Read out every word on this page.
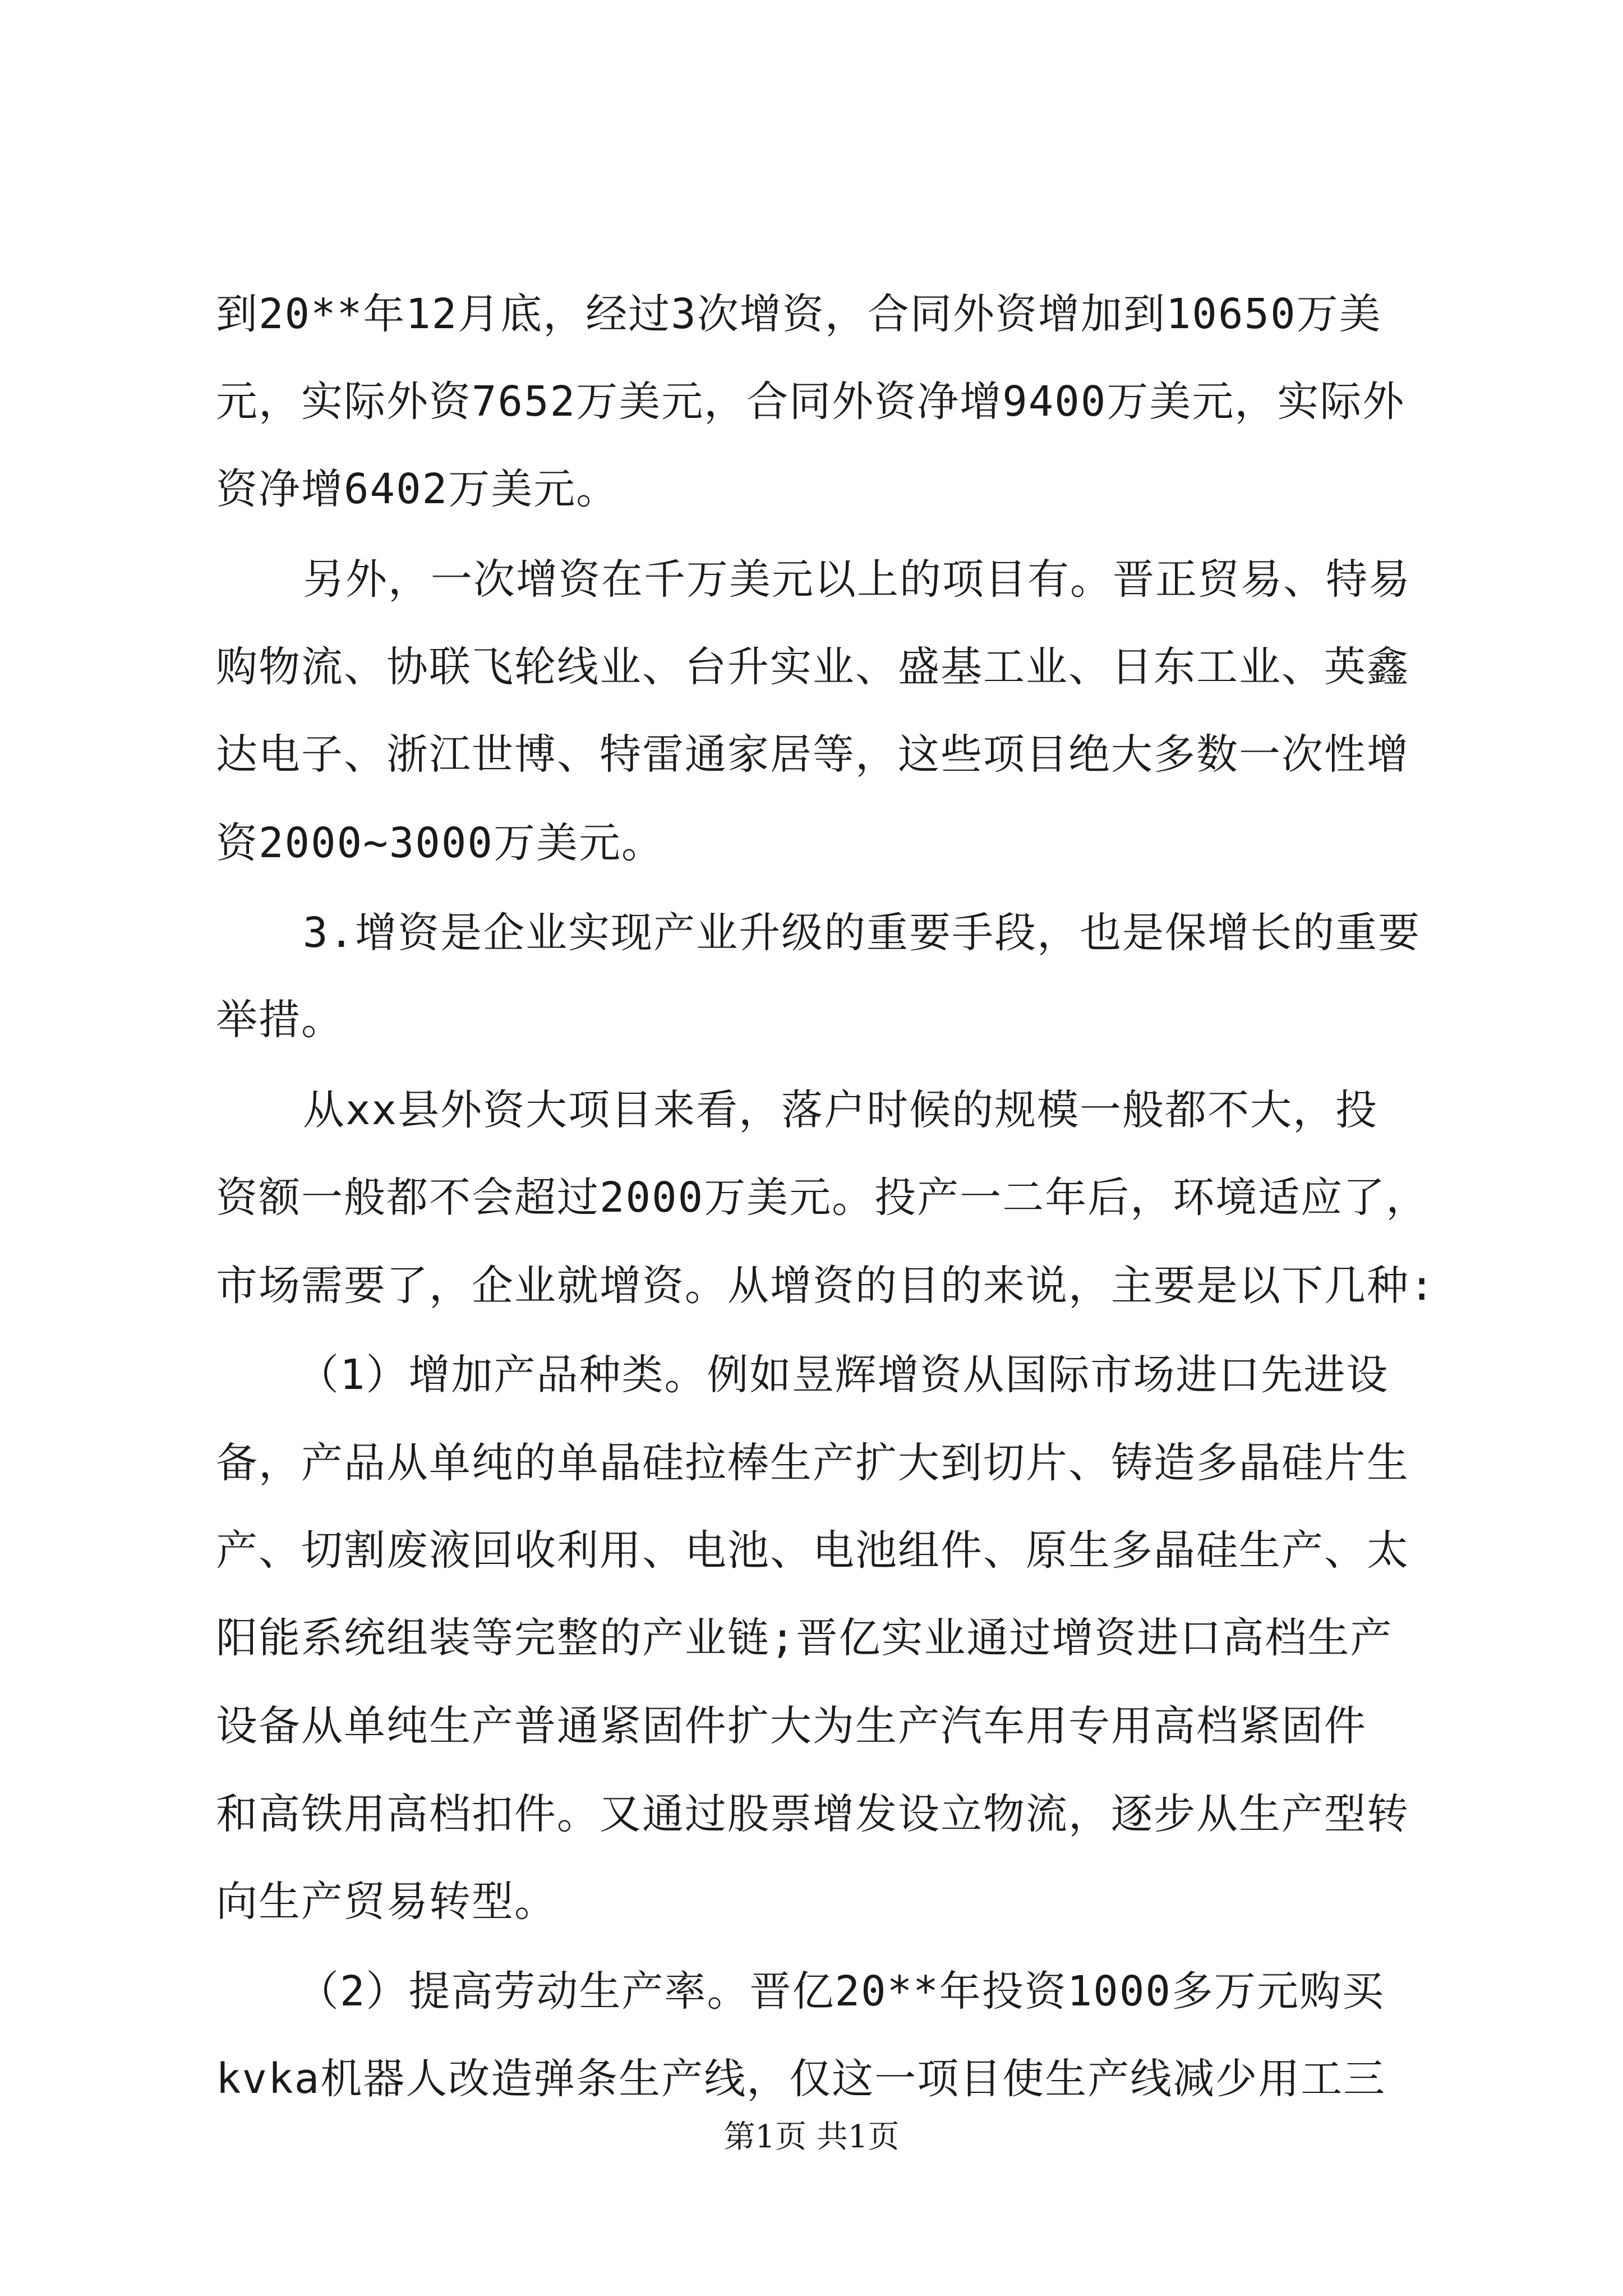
到20**年12月底，经过3次增资，合同外资增加到10650万美
元，实际外资7652万美元，合同外资净增9400万美元，实际外
资净增6402万美元。
另外，一次增资在千万美元以上的项目有。晋正贸易、特易
购物流、协联飞轮线业、台升实业、盛基工业、日东工业、英鑫
达电子、浙江世博、特雷通家居等，这些项目绝大多数一次性增
资2000~3000万美元。
3.增资是企业实现产业升级的重要手段，也是保增长的重要
举措。
从xx县外资大项目来看，落户时候的规模一般都不大，投
资额一般都不会超过2000万美元。投产一二年后，环境适应了，
市场需要了，企业就增资。从增资的目的来说，主要是以下几种:
（1）增加产品种类。例如昱辉增资从国际市场进口先进设
备，产品从单纯的单晶硅拉棒生产扩大到切片、铸造多晶硅片生
产、切割废液回收利用、电池、电池组件、原生多晶硅生产、太
阳能系统组装等完整的产业链;晋亿实业通过增资进口高档生产
设备从单纯生产普通紧固件扩大为生产汽车用专用高档紧固件
和高铁用高档扣件。又通过股票增发设立物流，逐步从生产型转
向生产贸易转型。
（2）提高劳动生产率。晋亿20**年投资1000多万元购买
kvka机器人改造弹条生产线，仅这一项目使生产线减少用工三
第1页 共1页
